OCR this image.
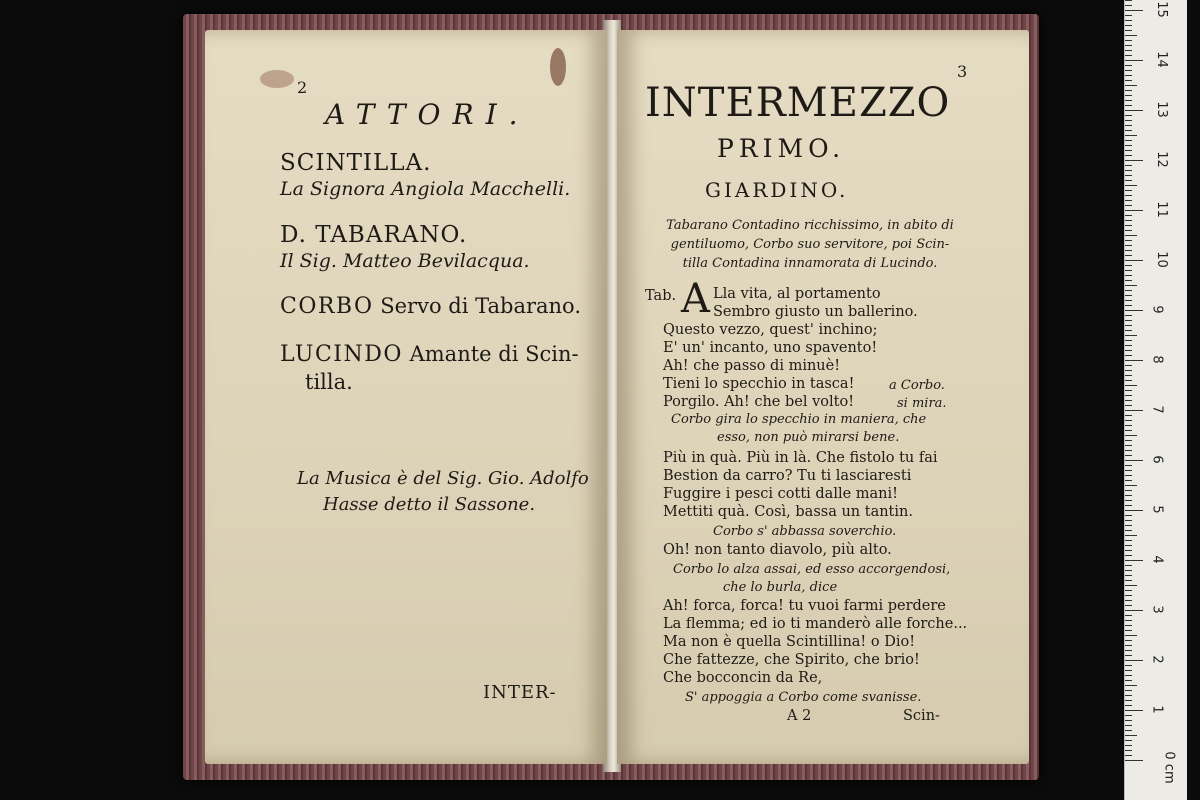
2
ATTORI.
SCINTILLA.
La Signora Angiola Macchelli.
D. TABARANO.
Il Sig. Matteo Bevilacqua.
CORBO Servo di Tabarano.
LUCINDO Amante di Scin-
tilla.
La Musica è del Sig. Gio. Adolfo
Hasse detto il Sassone.
INTER-
3
INTERMEZZO
PRIMO.
GIARDINO.
Tabarano Contadino ricchissimo, in abito di
gentiluomo, Corbo suo servitore, poi Scin-
tilla Contadina innamorata di Lucindo.
Tab. A Lla vita, al portamento
Sembro giusto un ballerino.
Questo vezzo, quest' inchino;
E' un' incanto, uno spavento!
Ah! che passo di minuè!
Tieni lo specchio in tasca!	a Corbo.
Porgilo. Ah! che bel volto!	si mira.
Corbo gira lo specchio in maniera, che
esso, non può mirarsi bene.
Più in quà. Più in là. Che fistolo tu fai
Bestion da carro? Tu ti lasciaresti
Fuggire i pesci cotti dalle mani!
Mettiti quà. Così, bassa un tantin.
Corbo s' abbassa soverchio.
Oh! non tanto diavolo, più alto.
Corbo lo alza assai, ed esso accorgendosi,
che lo burla, dice
Ah! forca, forca! tu vuoi farmi perdere
La flemma; ed io ti manderò alle forche...
Ma non è quella Scintillina! o Dio!
Che fattezze, che Spirito, che brio!
Che bocconcin da Re,
S' appoggia a Corbo come svanisse.
A 2	Scin-
0 cm
1
2
3
4
5
6
7
8
9
10
11
12
13
14
15
